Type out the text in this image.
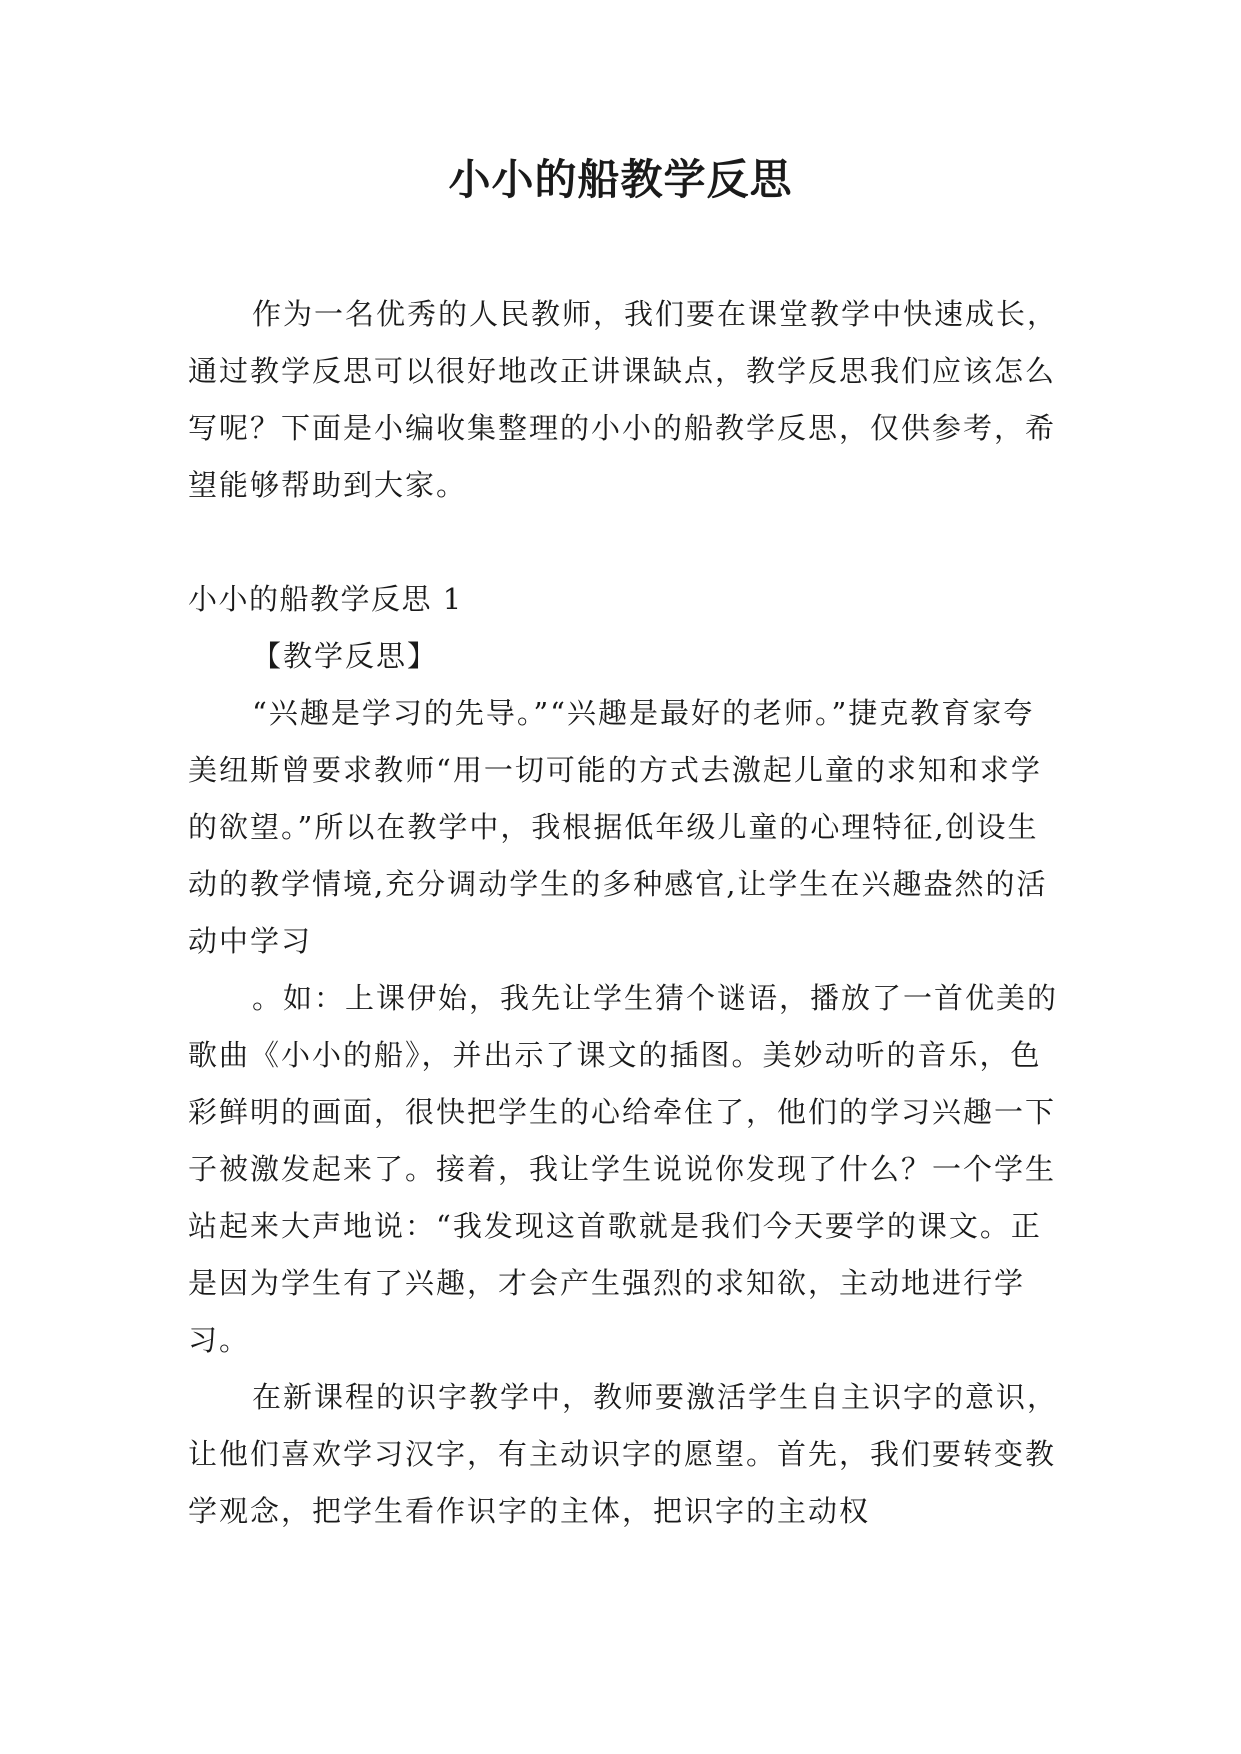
小小的船教学反思

作为一名优秀的人民教师，我们要在课堂教学中快速成长，通过教学反思可以很好地改正讲课缺点，教学反思我们应该怎么写呢？下面是小编收集整理的小小的船教学反思，仅供参考，希望能够帮助到大家。

小小的船教学反思 1

【教学反思】

“兴趣是学习的先导。”“兴趣是最好的老师。”捷克教育家夸美纽斯曾要求教师“用一切可能的方式去激起儿童的求知和求学的欲望。”所以在教学中，我根据低年级儿童的心理特征,创设生动的教学情境,充分调动学生的多种感官,让学生在兴趣盎然的活动中学习

。如：上课伊始，我先让学生猜个谜语，播放了一首优美的歌曲《小小的船》，并出示了课文的插图。美妙动听的音乐，色彩鲜明的画面，很快把学生的心给牵住了，他们的学习兴趣一下子被激发起来了。接着，我让学生说说你发现了什么？一个学生站起来大声地说：“我发现这首歌就是我们今天要学的课文。正是因为学生有了兴趣，才会产生强烈的求知欲，主动地进行学习。

在新课程的识字教学中，教师要激活学生自主识字的意识，让他们喜欢学习汉字，有主动识字的愿望。首先，我们要转变教学观念，把学生看作识字的主体，把识字的主动权
